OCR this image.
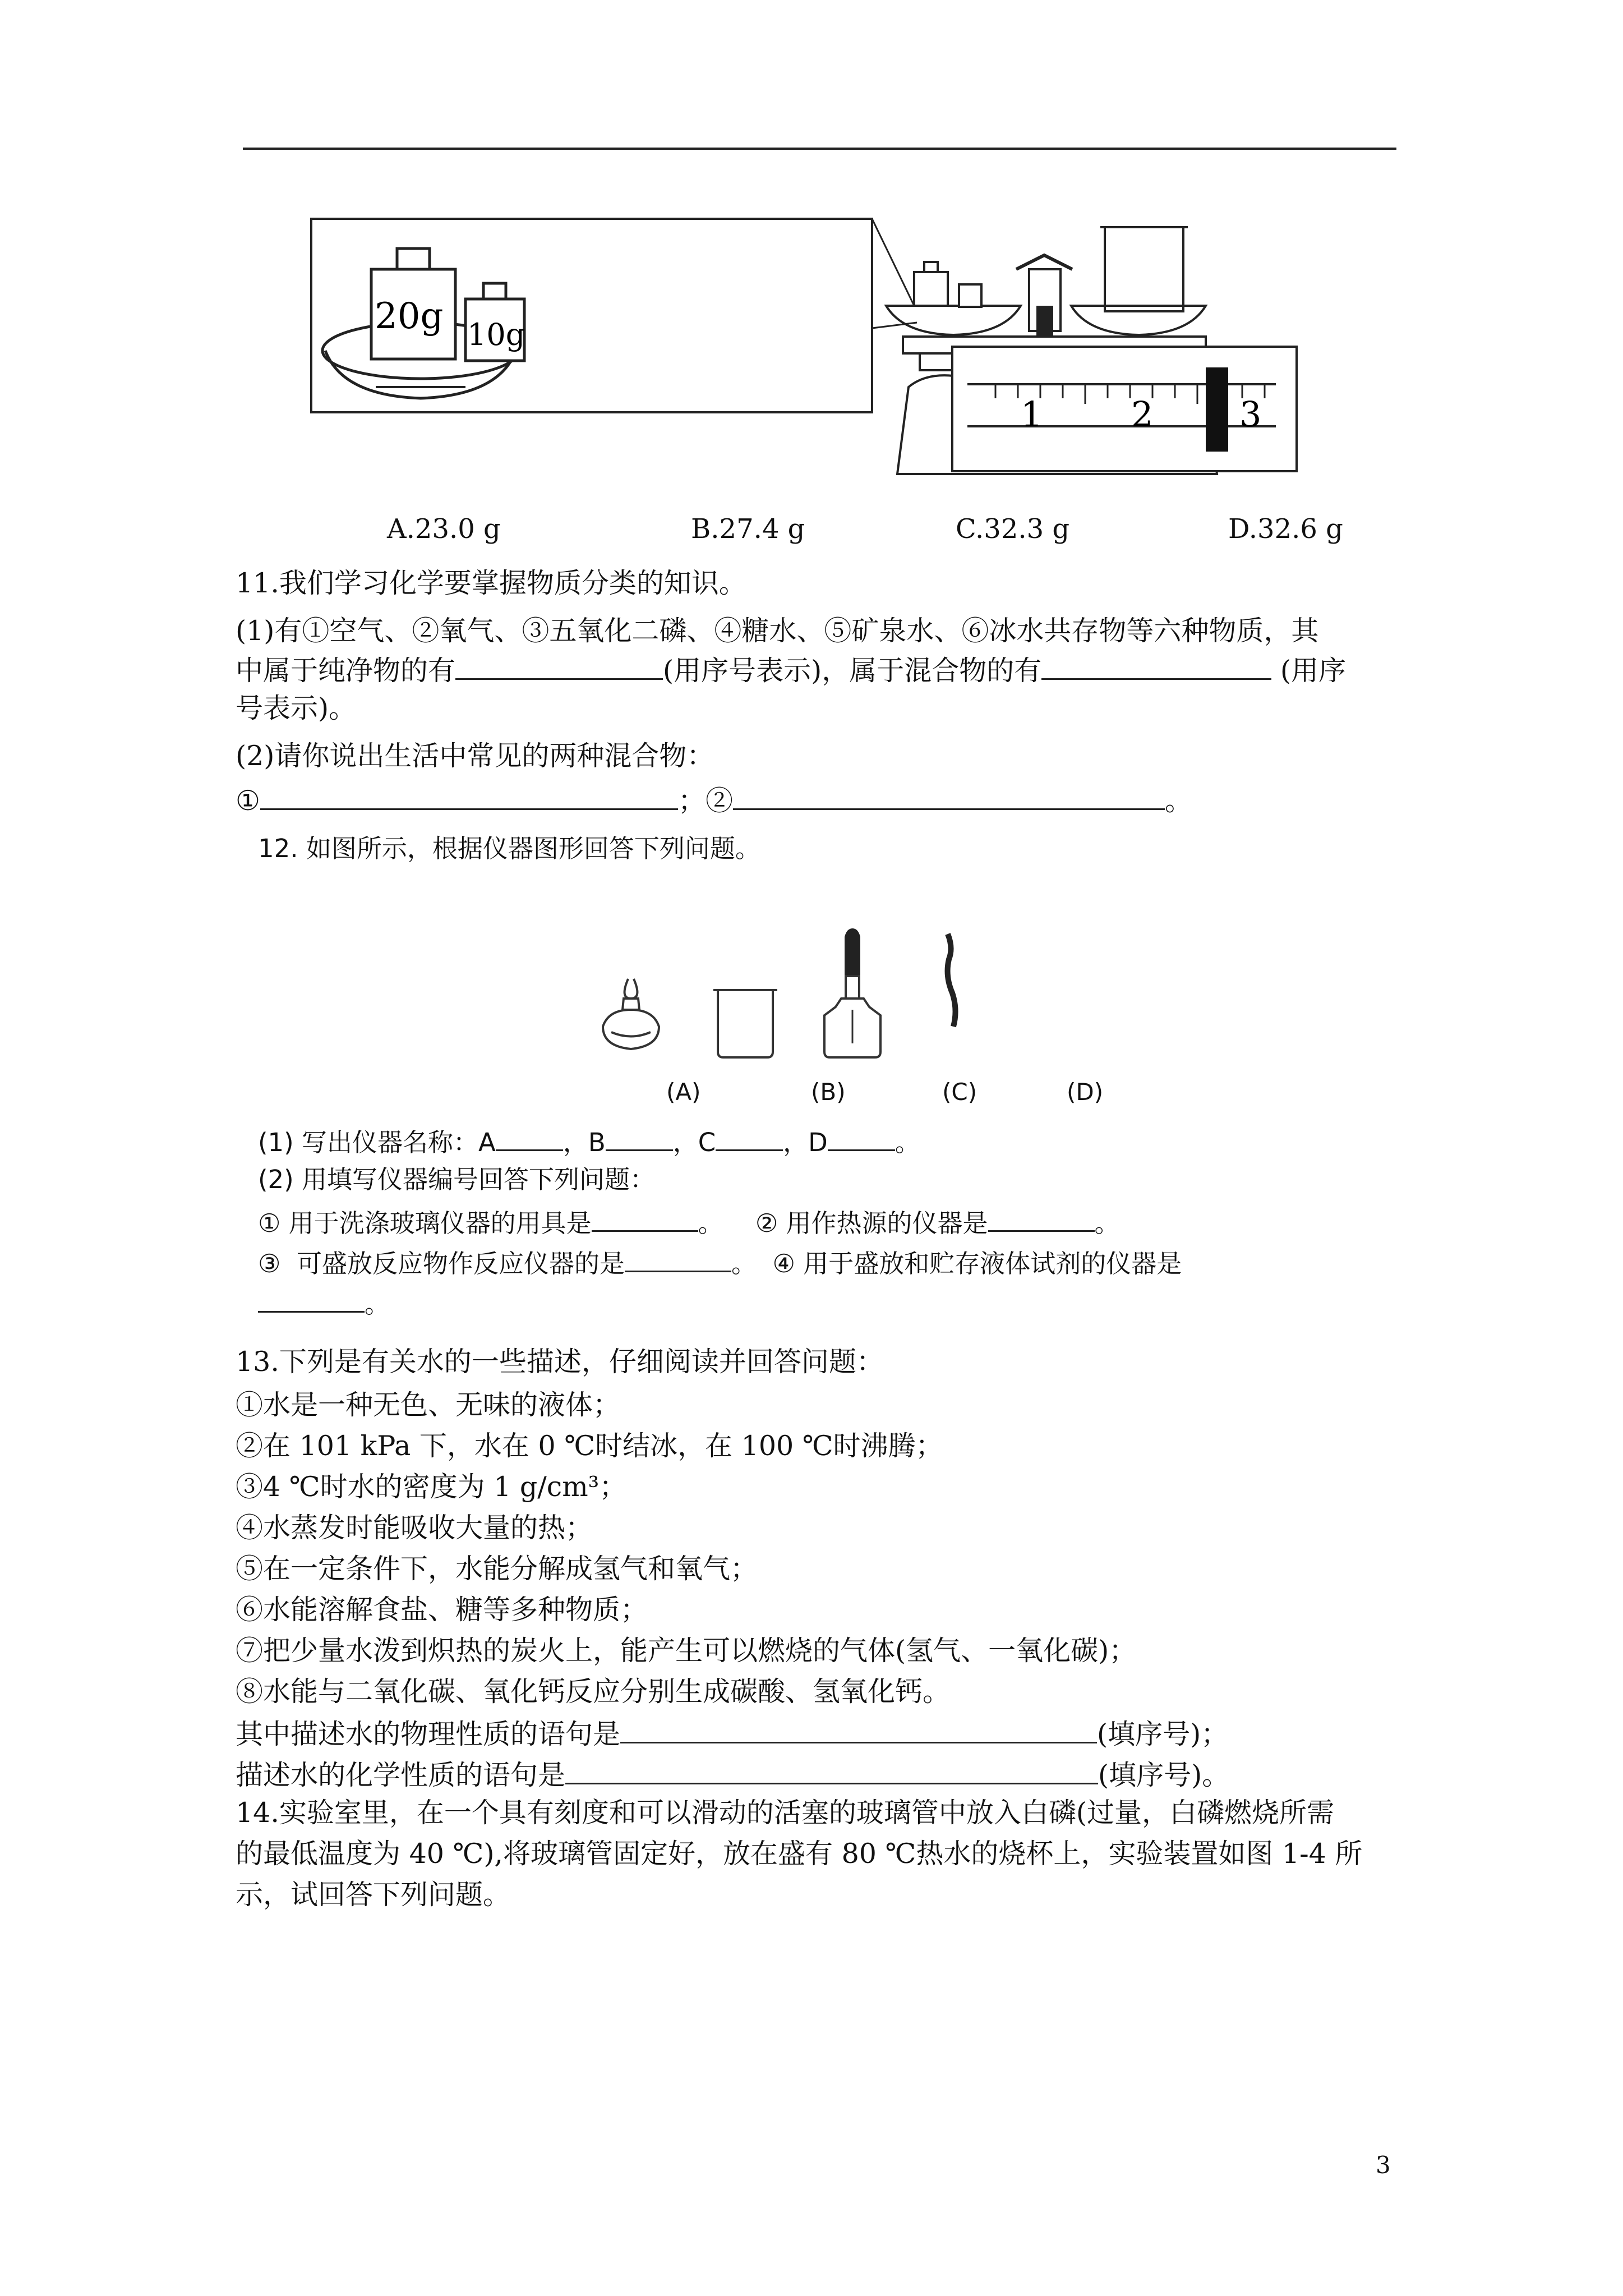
20g 10g
1	2 3
A.23.0 g	B.27.4 g	C.32.3 g	D.32.6 g
11.我们学习化学要掌握物质分类的知识。
(1)有①空气、②氧气、③五氧化二磷、④糖水、⑤矿泉水、⑥冰水共存物等六种物质，其
中属于纯净物的有	(用序号表示)，属于混合物的有	(用序
号表示)。
(2)请你说出生活中常见的两种混合物：
①	；②	。
12. 如图所示，根据仪器图形回答下列问题。
(A)	(B)	(C)	(D)
(1) 写出仪器名称：A	，B	，C	，D	。
(2) 用填写仪器编号回答下列问题：
① 用于洗涤玻璃仪器的用具是	。    ② 用作热源的仪器是	。
③  可盛放反应物作反应仪器的是	。  ④ 用于盛放和贮存液体试剂的仪器是
。
13.下列是有关水的一些描述，仔细阅读并回答问题：
①水是一种无色、无味的液体；
②在 101 kPa 下，水在 0 ℃时结冰，在 100 ℃时沸腾；
③4 ℃时水的密度为 1 g/cm³；
④水蒸发时能吸收大量的热；
⑤在一定条件下，水能分解成氢气和氧气；
⑥水能溶解食盐、糖等多种物质；
⑦把少量水泼到炽热的炭火上，能产生可以燃烧的气体(氢气、一氧化碳)；
⑧水能与二氧化碳、氧化钙反应分别生成碳酸、氢氧化钙。
其中描述水的物理性质的语句是	(填序号)；
描述水的化学性质的语句是	(填序号)。
14.实验室里，在一个具有刻度和可以滑动的活塞的玻璃管中放入白磷(过量，白磷燃烧所需
的最低温度为 40 ℃),将玻璃管固定好，放在盛有 80 ℃热水的烧杯上，实验装置如图 1-4 所
示，试回答下列问题。
3
